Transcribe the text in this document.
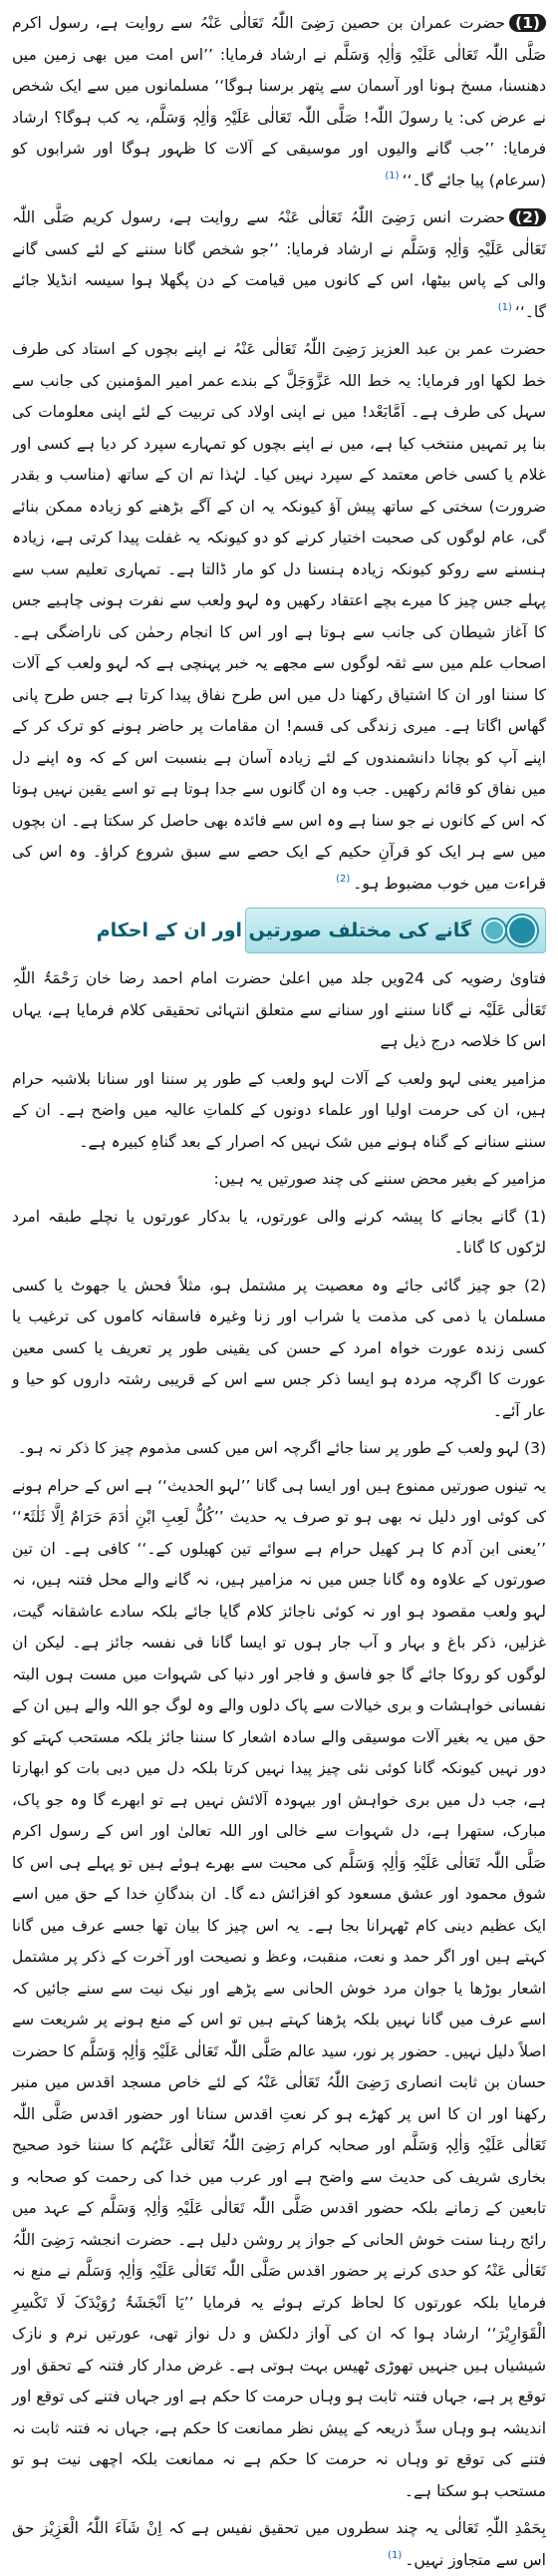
(1)حضرت عمران بن حصین رَضِیَ اللّٰہُ تَعَالٰی عَنْہُ سے روایت ہے، رسول اکرم صَلَّی اللّٰہ تَعَالٰی عَلَیْہِ وَاٰلِہٖ وَسَلَّم نے ارشاد فرمایا: ’’اس امت میں بھی زمین میں دھنسنا، مسخ ہونا اور آسمان سے پتھر برسنا ہوگا‘‘ مسلمانوں میں سے ایک شخص نے عرض کی: یا رسولَ اللّٰہ! صَلَّی اللّٰہ تَعَالٰی عَلَیْہِ وَاٰلِہٖ وَسَلَّم، یہ کب ہوگا؟ ارشاد فرمایا: ’’جب گانے والیوں اور موسیقی کے آلات کا ظہور ہوگا اور شرابوں کو (سرعام) پیا جائے گا۔‘‘$^{(1)}$

(2)حضرت انس رَضِیَ اللّٰہُ تَعَالٰی عَنْہُ سے روایت ہے، رسول کریم صَلَّی اللّٰہ تَعَالٰی عَلَیْہِ وَاٰلِہٖ وَسَلَّم نے ارشاد فرمایا: ’’جو شخص گانا سننے کے لئے کسی گانے والی کے پاس بیٹھا، اس کے کانوں میں قیامت کے دن پگھلا ہوا سیسہ انڈیلا جائے گا۔‘‘$^{(1)}$

حضرت عمر بن عبد العزیز رَضِیَ اللّٰہُ تَعَالٰی عَنْہُ نے اپنے بچوں کے استاد کی طرف خط لکھا اور فرمایا: یہ خط اللہ عَزَّوَجَلَّ کے بندے عمر امیر المؤمنین کی جانب سے سہل کی طرف ہے۔ اَمَّابَعْد! میں نے اپنی اولاد کی تربیت کے لئے اپنی معلومات کی بنا پر تمہیں منتخب کیا ہے، میں نے اپنے بچوں کو تمہارے سپرد کر دیا ہے کسی اور غلام یا کسی خاص معتمد کے سپرد نہیں کیا۔ لہٰذا تم ان کے ساتھ (مناسب و بقدر ضرورت) سختی کے ساتھ پیش آؤ کیونکہ یہ ان کے آگے بڑھنے کو زیادہ ممکن بنائے گی، عام لوگوں کی صحبت اختیار کرنے کو دو کیونکہ یہ غفلت پیدا کرتی ہے، زیادہ ہنسنے سے روکو کیونکہ زیادہ ہنسنا دل کو مار ڈالتا ہے۔ تمہاری تعلیم سب سے پہلے جس چیز کا میرے بچے اعتقاد رکھیں وہ لہو ولعب سے نفرت ہونی چاہیے جس کا آغاز شیطان کی جانب سے ہوتا ہے اور اس کا انجام رحمٰن کی ناراضگی ہے۔ اصحاب علم میں سے ثقہ لوگوں سے مجھے یہ خبر پہنچی ہے کہ لہو ولعب کے آلات کا سننا اور ان کا اشتیاق رکھنا دل میں اس طرح نفاق پیدا کرتا ہے جس طرح پانی گھاس اگاتا ہے۔ میری زندگی کی قسم! ان مقامات پر حاضر ہونے کو ترک کر کے اپنے آپ کو بچانا دانشمندوں کے لئے زیادہ آسان ہے بنسبت اس کے کہ وہ اپنے دل میں نفاق کو قائم رکھیں۔ جب وہ ان گانوں سے جدا ہوتا ہے تو اسے یقین نہیں ہوتا کہ اس کے کانوں نے جو سنا ہے وہ اس سے فائدہ بھی حاصل کر سکتا ہے۔ ان بچوں میں سے ہر ایک کو قرآنِ حکیم کے ایک حصے سے سبق شروع کراؤ۔ وہ اس کی قراءت میں خوب مضبوط ہو۔$^{(2)}$

گانے کی مختلف صورتیں اور ان کے احکام

فتاویٰ رضویہ کی 24ویں جلد میں اعلیٰ حضرت امام احمد رضا خان رَحْمَۃُ اللّٰہِ تَعَالٰی عَلَیْہ نے گانا سننے اور سنانے سے متعلق انتہائی تحقیقی کلام فرمایا ہے، یہاں اس کا خلاصہ درج ذیل ہے

مزامیر یعنی لہو ولعب کے آلات لہو ولعب کے طور پر سننا اور سنانا بلاشبہ حرام ہیں، ان کی حرمت اولیا اور علماء دونوں کے کلماتِ عالیہ میں واضح ہے۔ ان کے سننے سنانے کے گناہ ہونے میں شک نہیں کہ اصرار کے بعد گناہِ کبیرہ ہے۔

مزامیر کے بغیر محض سننے کی چند صورتیں یہ ہیں:

(1) گانے بجانے کا پیشہ کرنے والی عورتوں، یا بدکار عورتوں یا نچلے طبقہ امرد لڑکوں کا گانا۔

(2) جو چیز گائی جائے وہ معصیت پر مشتمل ہو، مثلاً فحش یا جھوٹ یا کسی مسلمان یا ذمی کی مذمت یا شراب اور زنا وغیرہ فاسقانہ کاموں کی ترغیب یا کسی زندہ عورت خواہ امرد کے حسن کی یقینی طور پر تعریف یا کسی معین عورت کا اگرچہ مردہ ہو ایسا ذکر جس سے اس کے قریبی رشتہ داروں کو حیا و عار آئے۔

(3) لہو ولعب کے طور پر سنا جائے اگرچہ اس میں کسی مذموم چیز کا ذکر نہ ہو۔

یہ تینوں صورتیں ممنوع ہیں اور ایسا ہی گانا ’’لہو الحدیث‘‘ ہے اس کے حرام ہونے کی کوئی اور دلیل نہ بھی ہو تو صرف یہ حدیث ’’کُلُّ لَعِبِ ابْنِ اٰدَمَ حَرَامٌ اِلَّا ثَلٰثَۃً‘‘ ’’یعنی ابن آدم کا ہر کھیل حرام ہے سوائے تین کھیلوں کے۔‘‘ کافی ہے۔ ان تین صورتوں کے علاوہ وہ گانا جس میں نہ مزامیر ہیں، نہ گانے والے محل فتنہ ہیں، نہ لہو ولعب مقصود ہو اور نہ کوئی ناجائز کلام گایا جائے بلکہ سادے عاشقانہ گیت، غزلیں، ذکر باغ و بہار و آب جار ہوں تو ایسا گانا فی نفسہ جائز ہے۔ لیکن ان لوگوں کو روکا جائے گا جو فاسق و فاجر اور دنیا کی شہوات میں مست ہوں البتہ نفسانی خواہشات و بری خیالات سے پاک دلوں والے وہ لوگ جو اللہ والے ہیں ان کے حق میں یہ بغیر آلات موسیقی والے سادہ اشعار کا سننا جائز بلکہ مستحب کہتے کو دور نہیں کیونکہ گانا کوئی نئی چیز پیدا نہیں کرتا بلکہ دل میں دبی بات کو ابھارتا ہے، جب دل میں بری خواہش اور بیہودہ آلائش نہیں ہے تو ابھرے گا وہ جو پاک، مبارک، ستھرا ہے، دل شہوات سے خالی اور اللہ تعالیٰ اور اس کے رسول اکرم صَلَّی اللّٰہ تَعَالٰی عَلَیْہِ وَاٰلِہٖ وَسَلَّم کی محبت سے بھرے ہوئے ہیں تو پہلے ہی اس کا شوق محمود اور عشق مسعود کو افزائش دے گا۔ ان بندگانِ خدا کے حق میں اسے ایک عظیم دینی کام ٹھہرانا بجا ہے۔ یہ اس چیز کا بیان تھا جسے عرف میں گانا کہتے ہیں اور اگر حمد و نعت، منقبت، وعظ و نصیحت اور آخرت کے ذکر پر مشتمل اشعار بوڑھا یا جوان مرد خوش الحانی سے پڑھے اور نیک نیت سے سنے جائیں کہ اسے عرف میں گانا نہیں بلکہ پڑھنا کہتے ہیں تو اس کے منع ہونے پر شریعت سے اصلاً دلیل نہیں۔ حضور پر نور، سید عالم صَلَّی اللّٰہ تَعَالٰی عَلَیْہِ وَاٰلِہٖ وَسَلَّم کا حضرت حسان بن ثابت انصاری رَضِیَ اللّٰہُ تَعَالٰی عَنْہُ کے لئے خاص مسجد اقدس میں منبر رکھنا اور ان کا اس پر کھڑے ہو کر نعتِ اقدس سنانا اور حضور اقدس صَلَّی اللّٰہ تَعَالٰی عَلَیْہِ وَاٰلِہٖ وَسَلَّم اور صحابہ کرام رَضِیَ اللّٰہُ تَعَالٰی عَنْہُم کا سننا خود صحیح بخاری شریف کی حدیث سے واضح ہے اور عرب میں خدا کی رحمت کو صحابہ و تابعین کے زمانے بلکہ حضور اقدس صَلَّی اللّٰہ تَعَالٰی عَلَیْہِ وَاٰلِہٖ وَسَلَّم کے عہد میں رائج رہنا سنت خوش الحانی کے جواز پر روشن دلیل ہے۔ حضرت انجشہ رَضِیَ اللّٰہُ تَعَالٰی عَنْہُ کو حدی کرنے پر حضور اقدس صَلَّی اللّٰہ تَعَالٰی عَلَیْہِ وَاٰلِہٖ وَسَلَّم نے منع نہ فرمایا بلکہ عورتوں کا لحاظ کرتے ہوئے یہ فرمایا ’’یَا اَنْجَشَۃُ رُوَیْدَکَ لَا تَکْسِرِ الْقَوَارِیْرَ‘‘ ارشاد ہوا کہ ان کی آواز دلکش و دل نواز تھی، عورتیں نرم و نازک شیشیاں ہیں جنہیں تھوڑی ٹھیس بہت ہوتی ہے۔ غرض مدار کار فتنہ کے تحقق اور توقع پر ہے، جہاں فتنہ ثابت ہو وہاں حرمت کا حکم ہے اور جہاں فتنے کی توقع اور اندیشہ ہو وہاں سدِّ ذریعہ کے پیش نظر ممانعت کا حکم ہے، جہاں نہ فتنہ ثابت نہ فتنے کی توقع تو وہاں نہ حرمت کا حکم ہے نہ ممانعت بلکہ اچھی نیت ہو تو مستحب ہو سکتا ہے۔

بِحَمْدِ اللّٰہِ تَعَالٰی یہ چند سطروں میں تحقیق نفیس ہے کہ اِنْ شَآءَ اللّٰہُ الْعَزِیْز حق اس سے متجاوز نہیں۔$^{(1)}$
